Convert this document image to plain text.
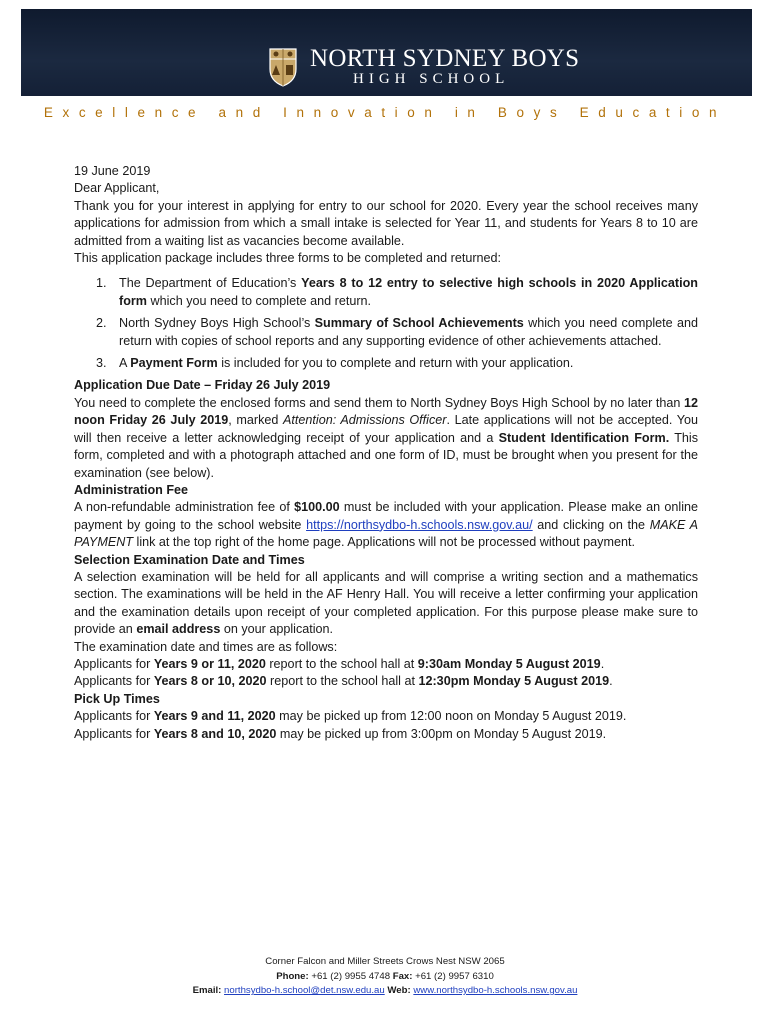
NORTH SYDNEY BOYS
HIGH SCHOOL
Excellence and Innovation in Boys Education

19 June 2019

Dear Applicant,

Thank you for your interest in applying for entry to our school for 2020. Every year the school receives many applications for admission from which a small intake is selected for Year 11, and students for Years 8 to 10 are admitted from a waiting list as vacancies become available.

This application package includes three forms to be completed and returned:

1. The Department of Education’s Years 8 to 12 entry to selective high schools in 2020 Application form which you need to complete and return.
2. North Sydney Boys High School’s Summary of School Achievements which you need complete and return with copies of school reports and any supporting evidence of other achievements attached.
3. A Payment Form is included for you to complete and return with your application.

Application Due Date – Friday 26 July 2019

You need to complete the enclosed forms and send them to North Sydney Boys High School by no later than 12 noon Friday 26 July 2019, marked Attention: Admissions Officer. Late applications will not be accepted. You will then receive a letter acknowledging receipt of your application and a Student Identification Form. This form, completed and with a photograph attached and one form of ID, must be brought when you present for the examination (see below).

Administration Fee

A non-refundable administration fee of $100.00 must be included with your application. Please make an online payment by going to the school website https://northsydbo-h.schools.nsw.gov.au/ and clicking on the MAKE A PAYMENT link at the top right of the home page. Applications will not be processed without payment.

Selection Examination Date and Times

A selection examination will be held for all applicants and will comprise a writing section and a mathematics section. The examinations will be held in the AF Henry Hall. You will receive a letter confirming your application and the examination details upon receipt of your completed application. For this purpose please make sure to provide an email address on your application.

The examination date and times are as follows:

Applicants for Years 9 or 11, 2020 report to the school hall at 9:30am Monday 5 August 2019.

Applicants for Years 8 or 10, 2020 report to the school hall at 12:30pm Monday 5 August 2019.

Pick Up Times

Applicants for Years 9 and 11, 2020 may be picked up from 12:00 noon on Monday 5 August 2019.

Applicants for Years 8 and 10, 2020 may be picked up from 3:00pm on Monday 5 August 2019.

Corner Falcon and Miller Streets Crows Nest NSW 2065
Phone: +61 (2) 9955 4748 Fax: +61 (2) 9957 6310
Email: northsydbo-h.school@det.nsw.edu.au Web: www.northsydbo-h.schools.nsw.gov.au
